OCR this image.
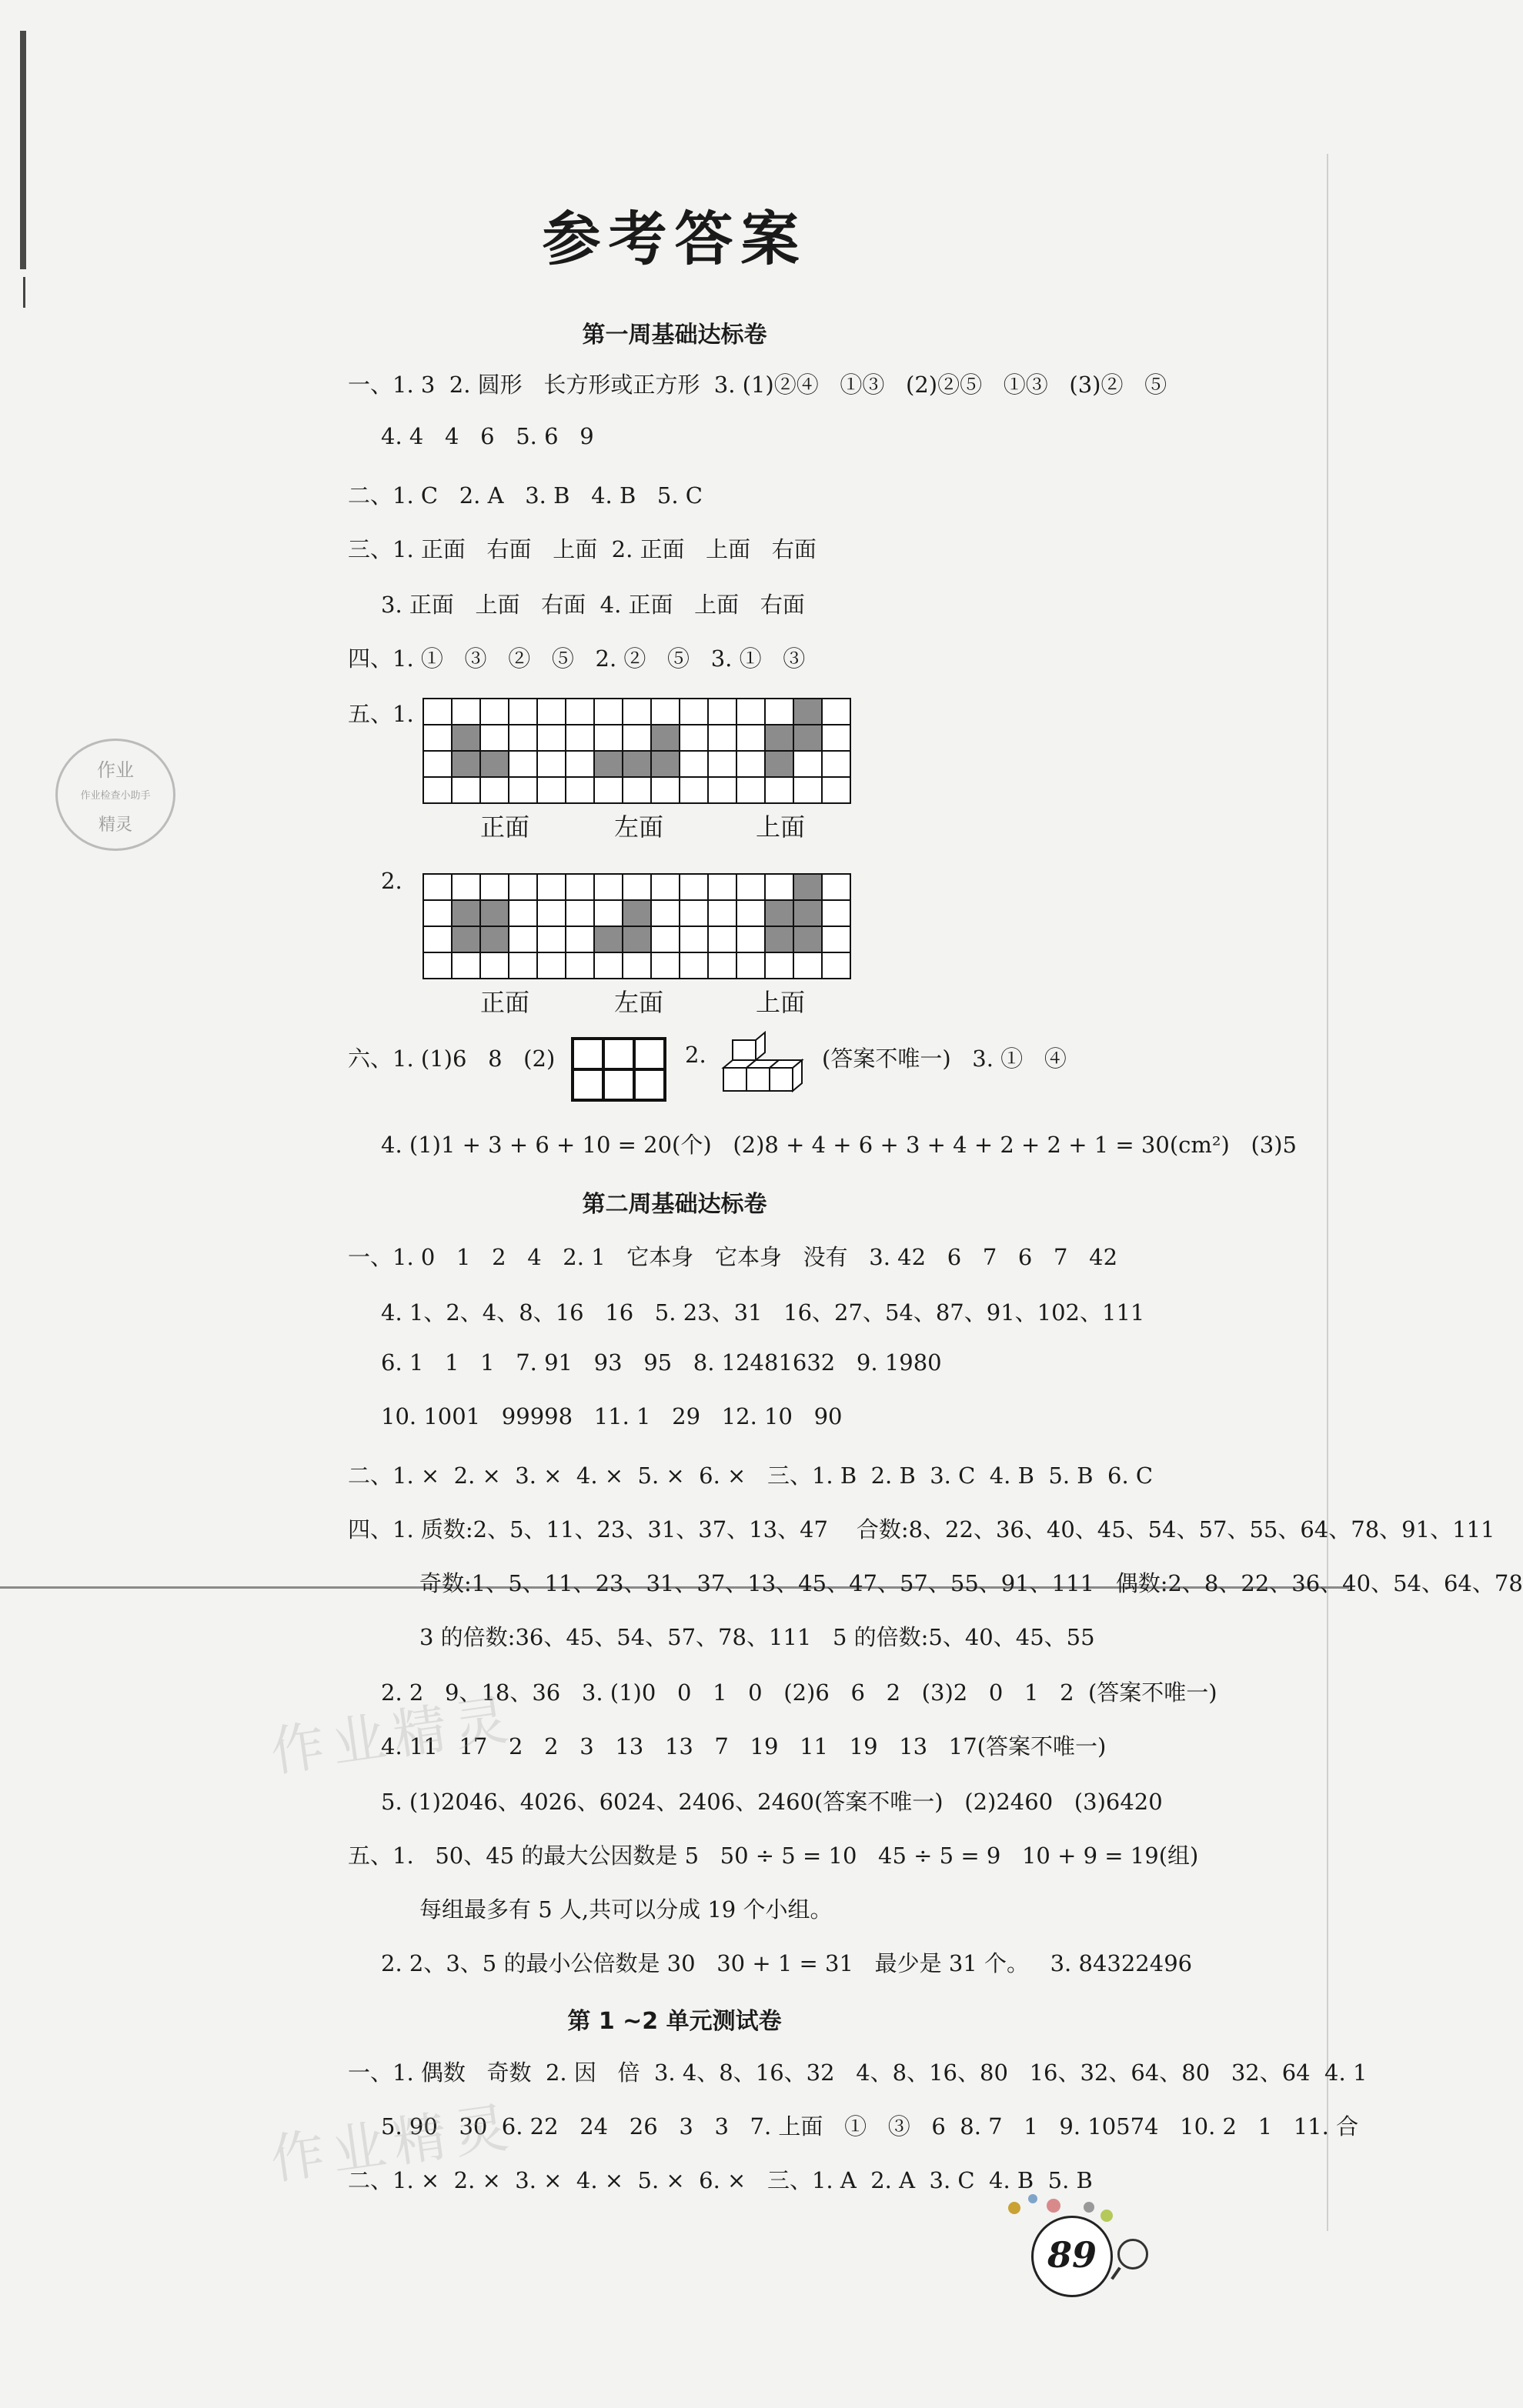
参考答案
第一周基础达标卷
一、1. 3  2. 圆形   长方形或正方形  3. (1)②④   ①③   (2)②⑤   ①③   (3)②   ⑤
4. 4   4   6   5. 6   9
二、1. C   2. A   3. B   4. B   5. C
三、1. 正面   右面   上面  2. 正面   上面   右面
3. 正面   上面   右面  4. 正面   上面   右面
四、1. ①   ③   ②   ⑤   2. ②   ⑤   3. ①   ③
五、1.
正面	左面	上面
2.
正面	左面	上面
六、1. (1)6   8   (2)	2.	(答案不唯一)   3. ①   ④
4. (1)1 + 3 + 6 + 10 = 20(个)   (2)8 + 4 + 6 + 3 + 4 + 2 + 2 + 1 = 30(cm²)   (3)5
第二周基础达标卷
一、1. 0   1   2   4   2. 1   它本身   它本身   没有   3. 42   6   7   6   7   42
4. 1、2、4、8、16   16   5. 23、31   16、27、54、87、91、102、111
6. 1   1   1   7. 91   93   95   8. 12481632   9. 1980
10. 1001   99998   11. 1   29   12. 10   90
二、1. ×  2. ×  3. ×  4. ×  5. ×  6. ×   三、1. B  2. B  3. C  4. B  5. B  6. C
四、1. 质数:2、5、11、23、31、37、13、47    合数:8、22、36、40、45、54、57、55、64、78、91、111
奇数:1、5、11、23、31、37、13、45、47、57、55、91、111   偶数:2、8、22、36、40、54、64、78
3 的倍数:36、45、54、57、78、111   5 的倍数:5、40、45、55
2. 2   9、18、36   3. (1)0   0   1   0   (2)6   6   2   (3)2   0   1   2  (答案不唯一)
4. 11   17   2   2   3   13   13   7   19   11   19   13   17(答案不唯一)
5. (1)2046、4026、6024、2406、2460(答案不唯一)   (2)2460   (3)6420
五、1.   50、45 的最大公因数是 5   50 ÷ 5 = 10   45 ÷ 5 = 9   10 + 9 = 19(组)
每组最多有 5 人,共可以分成 19 个小组。
2. 2、3、5 的最小公倍数是 30   30 + 1 = 31   最少是 31 个。   3. 84322496
第 1 ~2 单元测试卷
一、1. 偶数   奇数  2. 因   倍  3. 4、8、16、32   4、8、16、80   16、32、64、80   32、64  4. 1
5. 90   30  6. 22   24   26   3   3   7. 上面   ①   ③   6  8. 7   1   9. 10574   10. 2   1   11. 合
二、1. ×  2. ×  3. ×  4. ×  5. ×  6. ×   三、1. A  2. A  3. C  4. B  5. B
作业
作业检查小助手
精灵
作业精灵
作业精灵
89
